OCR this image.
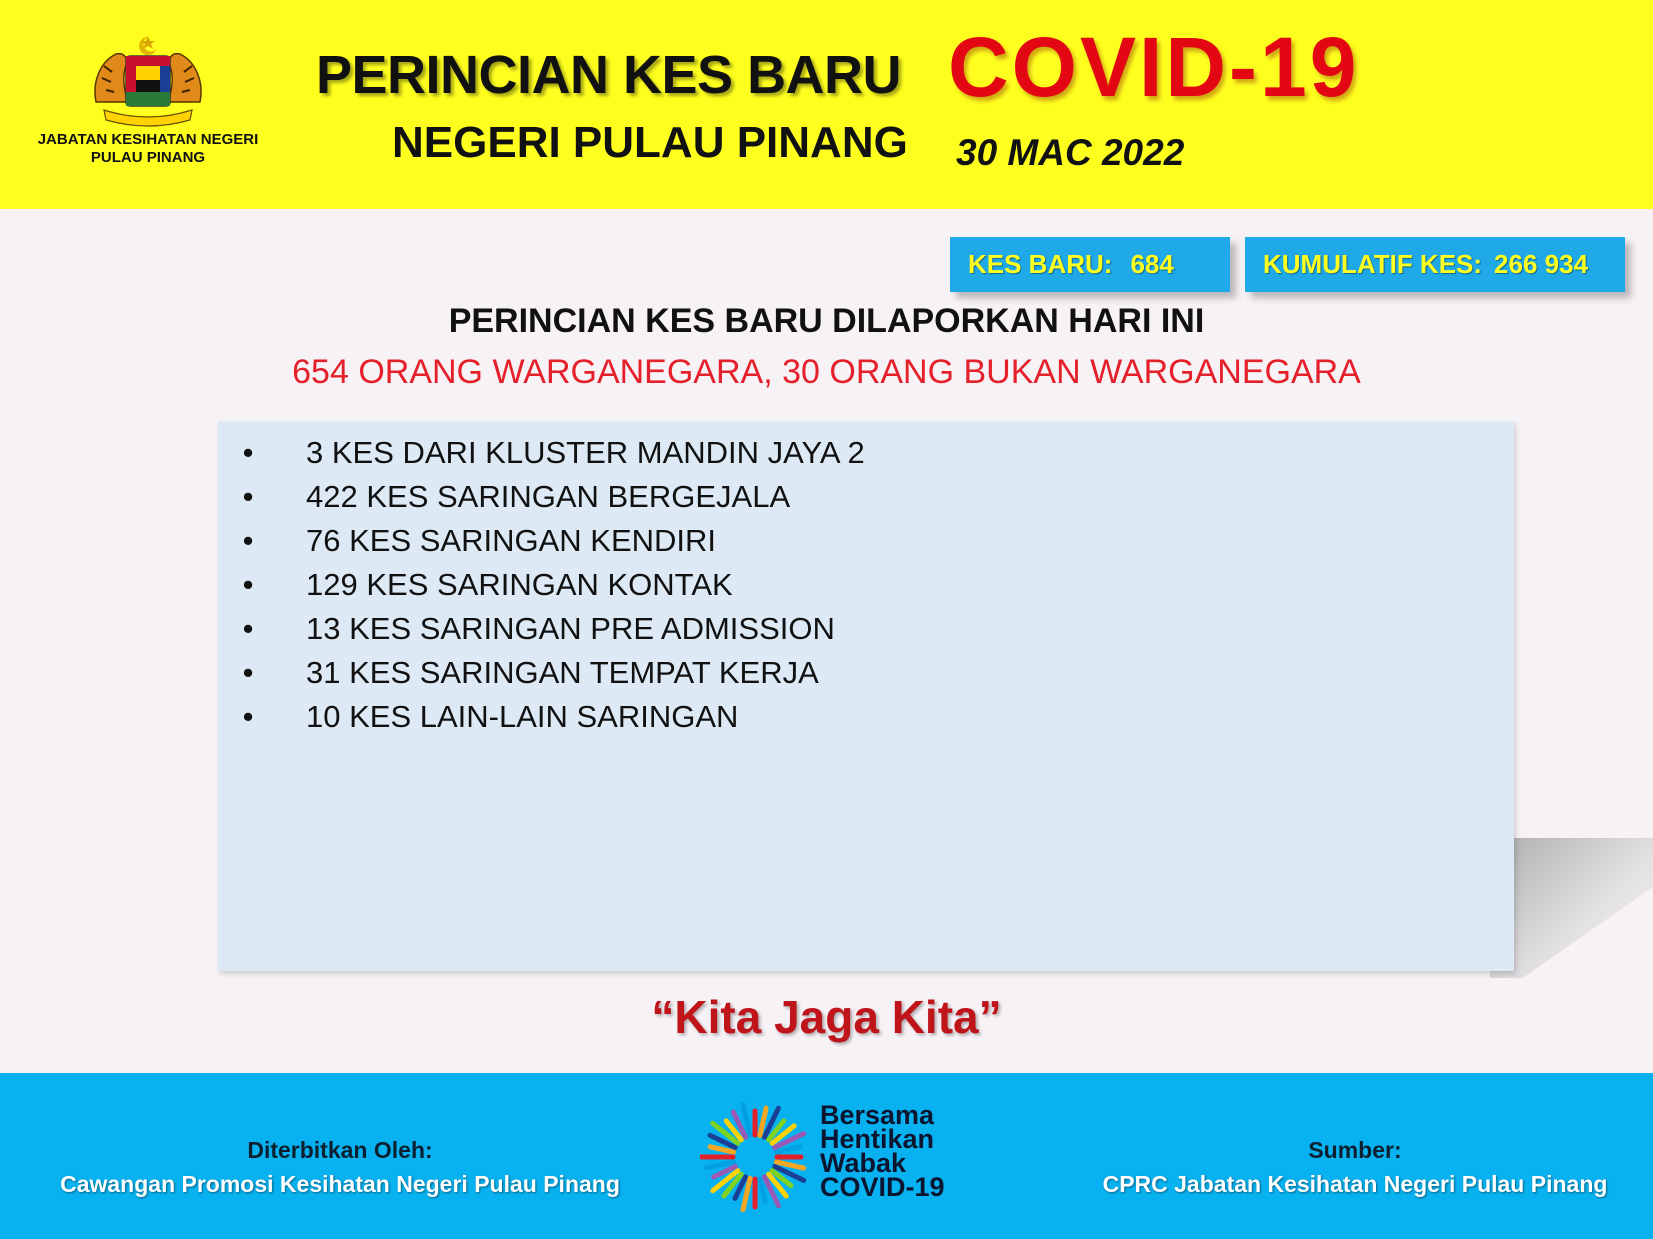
JABATAN KESIHATAN NEGERI
PULAU PINANG
PERINCIAN KES BARU COVID-19
NEGERI PULAU PINANG 30 MAC 2022
KES BARU: 684	KUMULATIF KES: 266 934
PERINCIAN KES BARU DILAPORKAN HARI INI
654 ORANG WARGANEGARA, 30 ORANG BUKAN WARGANEGARA
• 3 KES DARI KLUSTER MANDIN JAYA 2
• 422 KES SARINGAN BERGEJALA
• 76 KES SARINGAN KENDIRI
• 129 KES SARINGAN KONTAK
• 13 KES SARINGAN PRE ADMISSION
• 31 KES SARINGAN TEMPAT KERJA
• 10 KES LAIN-LAIN SARINGAN
“Kita Jaga Kita”
Diterbitkan Oleh:
Cawangan Promosi Kesihatan Negeri Pulau Pinang
Bersama
Hentikan
Wabak
COVID-19
Sumber:
CPRC Jabatan Kesihatan Negeri Pulau Pinang
